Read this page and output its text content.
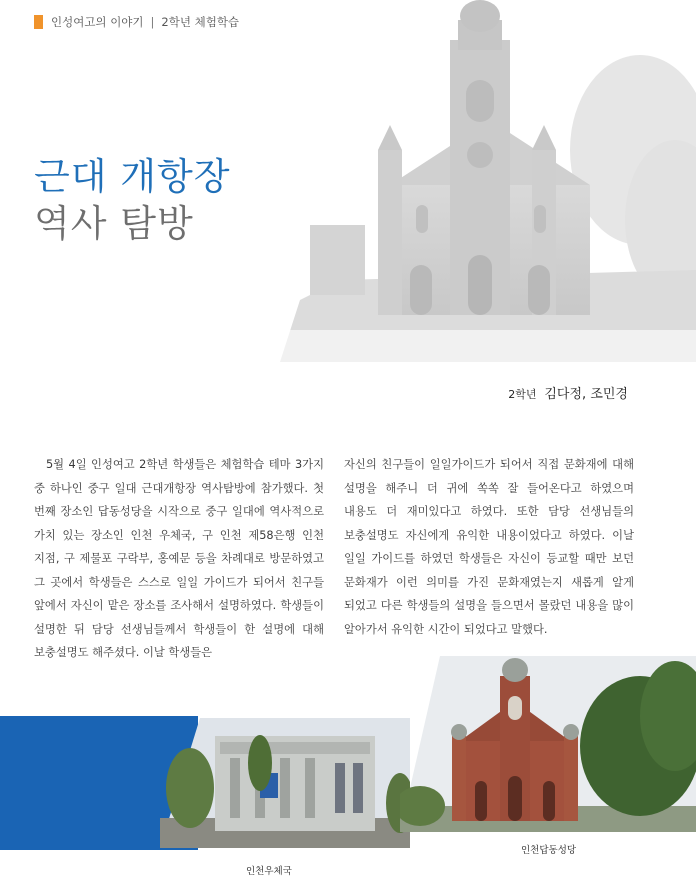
인성여고의 이야기 | 2학년 체험학습
근대 개항장
역사 탐방
2학년 김다정, 조민경

5월 4일 인성여고 2학년 학생들은 체험학습 테마 3가지 중 하나인 중구 일대 근대개항장 역사탐방에 참가했다. 첫 번째 장소인 답동성당을 시작으로 중구 일대에 역사적으로 가치 있는 장소인 인천 우체국, 구 인천 제58은행 인천 지점, 구 제물포 구락부, 홍예문 등을 차례대로 방문하였고 그 곳에서 학생들은 스스로 일일 가이드가 되어서 친구들 앞에서 자신이 맡은 장소를 조사해서 설명하였다. 학생들이 설명한 뒤 담당 선생님들께서 학생들이 한 설명에 대해 보충설명도 해주셨다. 이날 학생들은

자신의 친구들이 일일가이드가 되어서 직접 문화재에 대해 설명을 해주니 더 귀에 쏙쏙 잘 들어온다고 하였으며 내용도 더 재미있다고 하였다. 또한 담당 선생님들의 보충설명도 자신에게 유익한 내용이었다고 하였다. 이날 일일 가이드를 하였던 학생들은 자신이 등교할 때만 보던 문화재가 이런 의미를 가진 문화재였는지 새롭게 알게 되었고 다른 학생들의 설명을 들으면서 몰랐던 내용을 많이 알아가서 유익한 시간이 되었다고 말했다.

인천우체국
인천답동성당
